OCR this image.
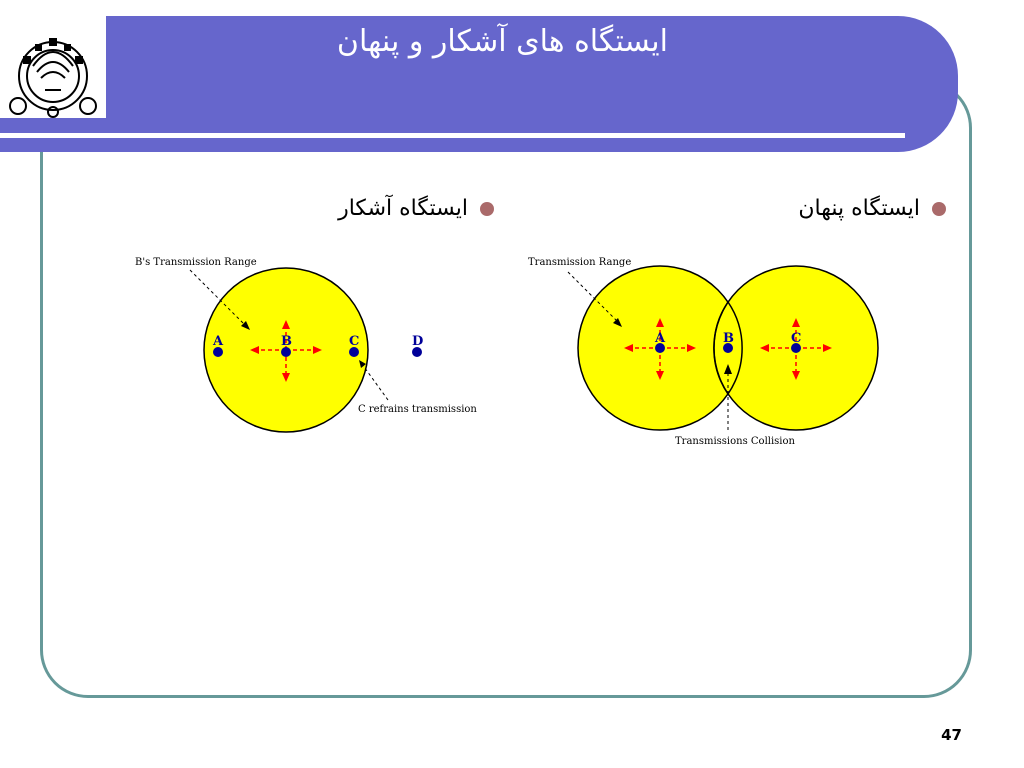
ایستگاه های آشکار و پنهان
ایستگاه پنهان
ایستگاه آشکار
B's Transmission Range
A	B	C	D
C refrains transmission
Transmission Range
A	B	C
Transmissions Collision
47
